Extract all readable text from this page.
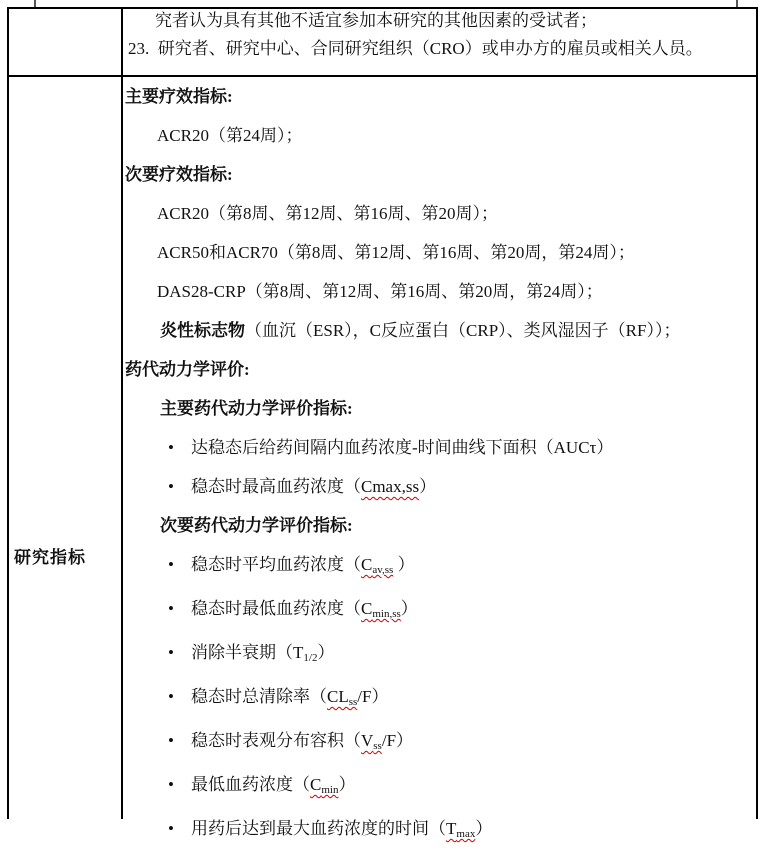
究者认为具有其他不适宜参加本研究的其他因素的受试者；
23.  研究者、研究中心、合同研究组织（CRO）或申办方的雇员或相关人员。
研究指标
主要疗效指标:
ACR20（第24周）；
次要疗效指标:
ACR20（第8周、第12周、第16周、第20周）；
ACR50和ACR70（第8周、第12周、第16周、第20周，第24周）；
DAS28-CRP（第8周、第12周、第16周、第20周，第24周）；
炎性标志物（血沉（ESR），C反应蛋白（CRP）、类风湿因子（RF））；
药代动力学评价:
主要药代动力学评价指标:
• 达稳态后给药间隔内血药浓度-时间曲线下面积（AUCτ）
• 稳态时最高血药浓度（Cmax,ss）
次要药代动力学评价指标:
• 稳态时平均血药浓度（$C_{av,ss}$ ）
• 稳态时最低血药浓度$(C_{min,ss})$
• 消除半衰期$(T_{1/2})$
• 稳态时总清除率$(CL_{ss}/F)$
• 稳态时表观分布容积$(V_{ss}/F)$
• 最低血药浓度$(C_{min})$
• 用药后达到最大血药浓度的时间$(T_{max})$
